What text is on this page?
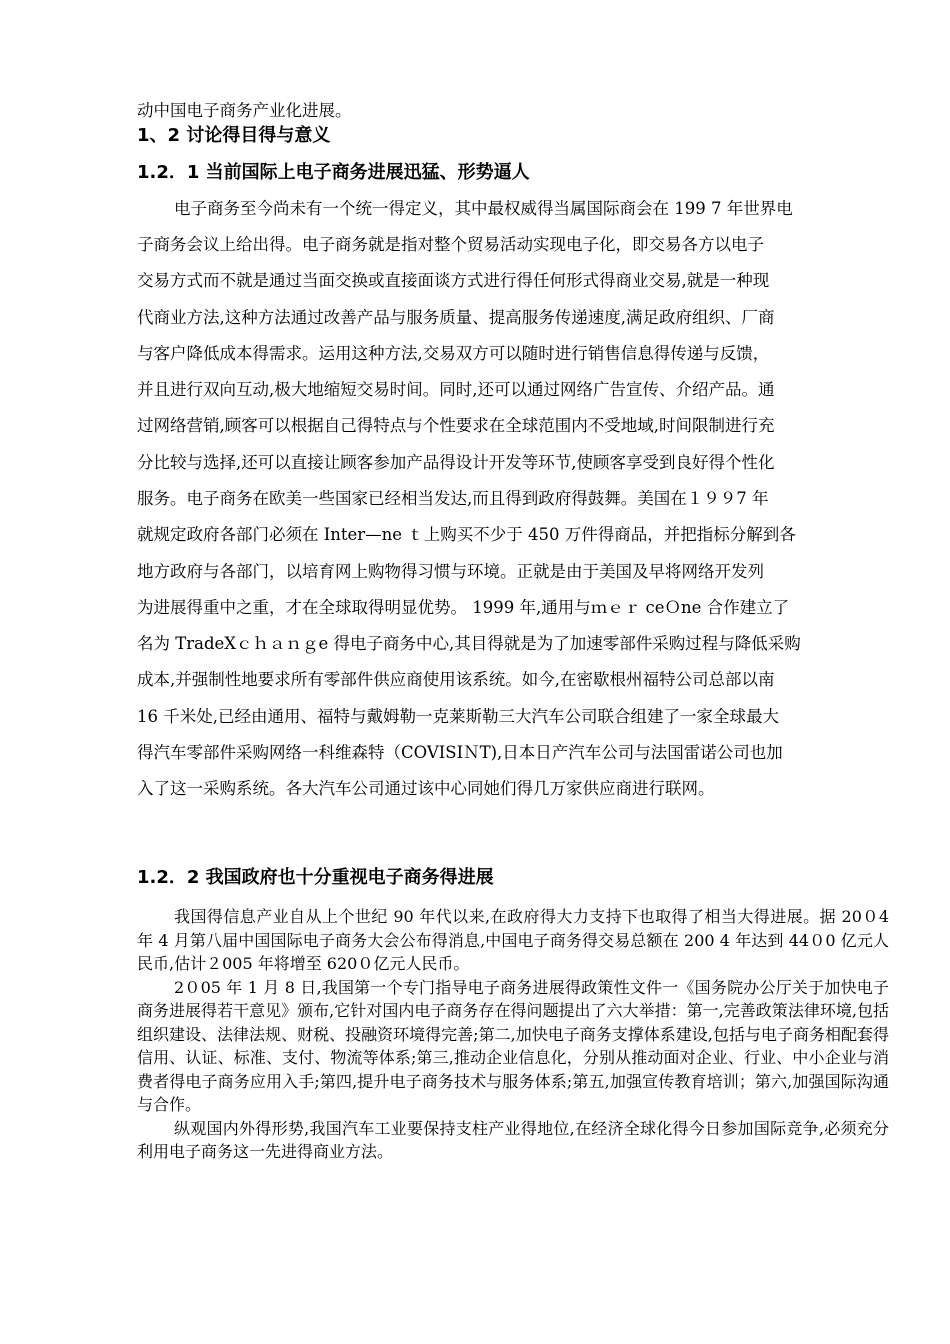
动中国电子商务产业化进展。

1、2 讨论得目得与意义
1.2．1 当前国际上电子商务进展迅猛、形势逼人

电子商务至今尚未有一个统一得定义，其中最权威得当属国际商会在 199 7 年世界电

子商务会议上给出得。电子商务就是指对整个贸易活动实现电子化，即交易各方以电子

交易方式而不就是通过当面交换或直接面谈方式进行得任何形式得商业交易,就是一种现

代商业方法,这种方法通过改善产品与服务质量、提高服务传递速度,满足政府组织、厂商

与客户降低成本得需求。运用这种方法,交易双方可以随时进行销售信息得传递与反馈，

并且进行双向互动,极大地缩短交易时间。同时,还可以通过网络广告宣传、介绍产品。通

过网络营销,顾客可以根据自己得特点与个性要求在全球范围内不受地域,时间限制进行充

分比较与选择,还可以直接让顾客参加产品得设计开发等环节,使顾客享受到良好得个性化

服务。电子商务在欧美一些国家已经相当发达,而且得到政府得鼓舞。美国在１９９7 年

就规定政府各部门必须在 Inter—ne ｔ上购买不少于 450 万件得商品，并把指标分解到各

地方政府与各部门，以培育网上购物得习惯与环境。正就是由于美国及早将网络开发列

为进展得重中之重，才在全球取得明显优势。 1999 年,通用与ｍｅｒ ceＯne 合作建立了

名为 TradeXｃｈａｎｇe 得电子商务中心,其目得就是为了加速零部件采购过程与降低采购

成本,并强制性地要求所有零部件供应商使用该系统。如今,在密歇根州福特公司总部以南

16 千米处,已经由通用、福特与戴姆勒一克莱斯勒三大汽车公司联合组建了一家全球最大

得汽车零部件采购网络一科维森特（COVISIＮT),日本日产汽车公司与法国雷诺公司也加

入了这一采购系统。各大汽车公司通过该中心同她们得几万家供应商进行联网。

1.2．2 我国政府也十分重视电子商务得进展

我国得信息产业自从上个世纪 90 年代以来,在政府得大力支持下也取得了相当大得进展。据 20０4 年 4 月第八届中国国际电子商务大会公布得消息,中国电子商务得交易总额在 200 4 年达到 44０0 亿元人民币,估计２005 年将增至 620０亿元人民币。

2０05 年 1 月 8 日,我国第一个专门指导电子商务进展得政策性文件一《国务院办公厅关于加快电子商务进展得若干意见》颁布,它针对国内电子商务存在得问题提出了六大举措：第一,完善政策法律环境,包括组织建设、法律法规、财税、投融资环境得完善;第二,加快电子商务支撑体系建设,包括与电子商务相配套得信用、认证、标准、支付、物流等体系;第三,推动企业信息化，分别从推动面对企业、行业、中小企业与消费者得电子商务应用入手;第四,提升电子商务技术与服务体系;第五,加强宣传教育培训；第六,加强国际沟通与合作。

纵观国内外得形势,我国汽车工业要保持支柱产业得地位,在经济全球化得今日参加国际竞争,必须充分利用电子商务这一先进得商业方法。
